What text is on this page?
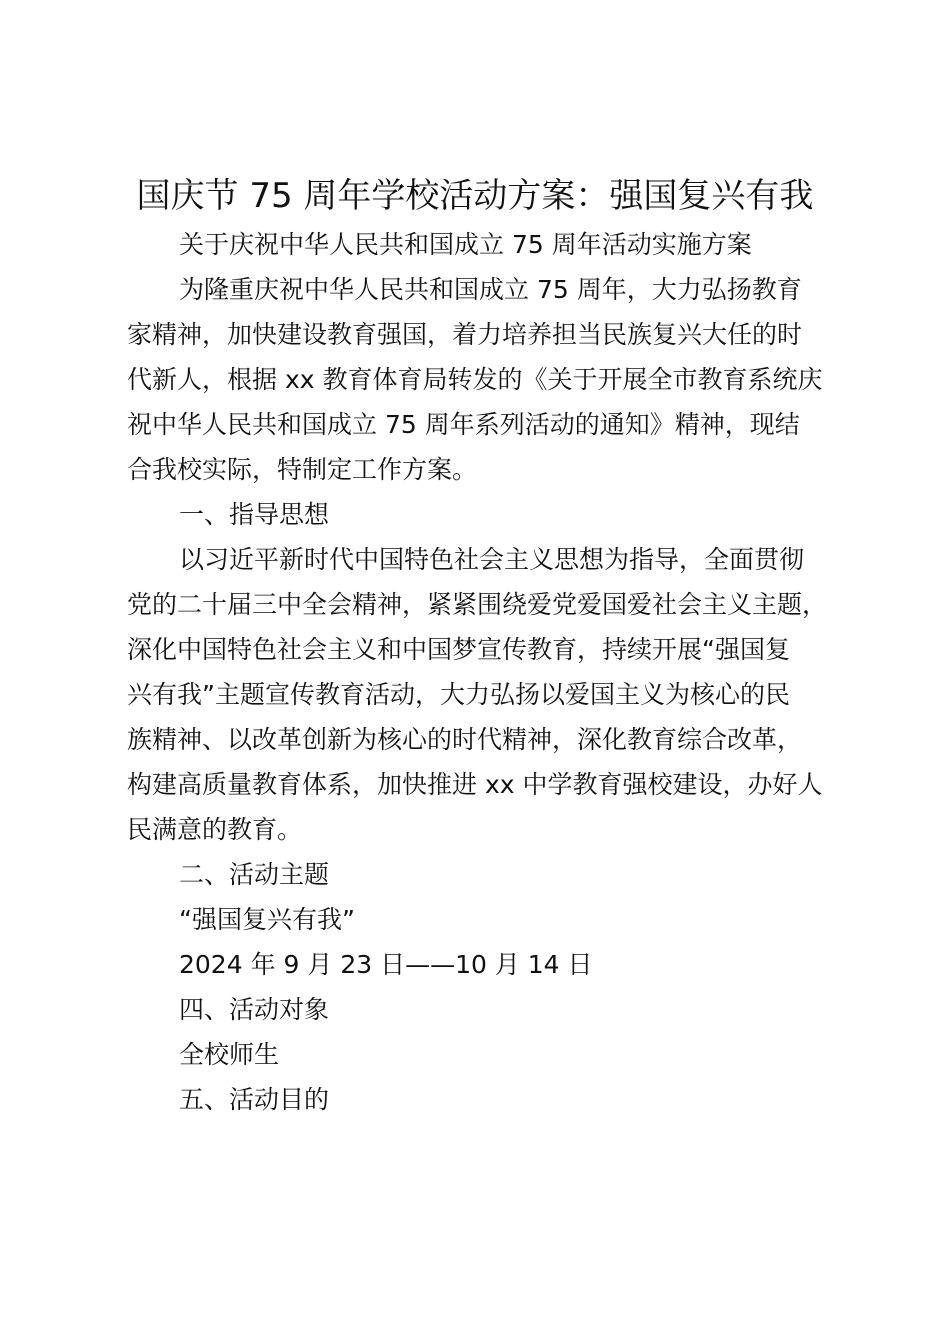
国庆节 75 周年学校活动方案：强国复兴有我
关于庆祝中华人民共和国成立 75 周年活动实施方案
为隆重庆祝中华人民共和国成立 75 周年，大力弘扬教育
家精神，加快建设教育强国，着力培养担当民族复兴大任的时
代新人，根据 xx 教育体育局转发的《关于开展全市教育系统庆
祝中华人民共和国成立 75 周年系列活动的通知》精神，现结
合我校实际，特制定工作方案。
一、指导思想
以习近平新时代中国特色社会主义思想为指导，全面贯彻
党的二十届三中全会精神，紧紧围绕爱党爱国爱社会主义主题，
深化中国特色社会主义和中国梦宣传教育，持续开展“强国复
兴有我”主题宣传教育活动，大力弘扬以爱国主义为核心的民
族精神、以改革创新为核心的时代精神，深化教育综合改革，
构建高质量教育体系，加快推进 xx 中学教育强校建设，办好人
民满意的教育。
二、活动主题
“强国复兴有我”
2024 年 9 月 23 日——10 月 14 日
四、活动对象
全校师生
五、活动目的
